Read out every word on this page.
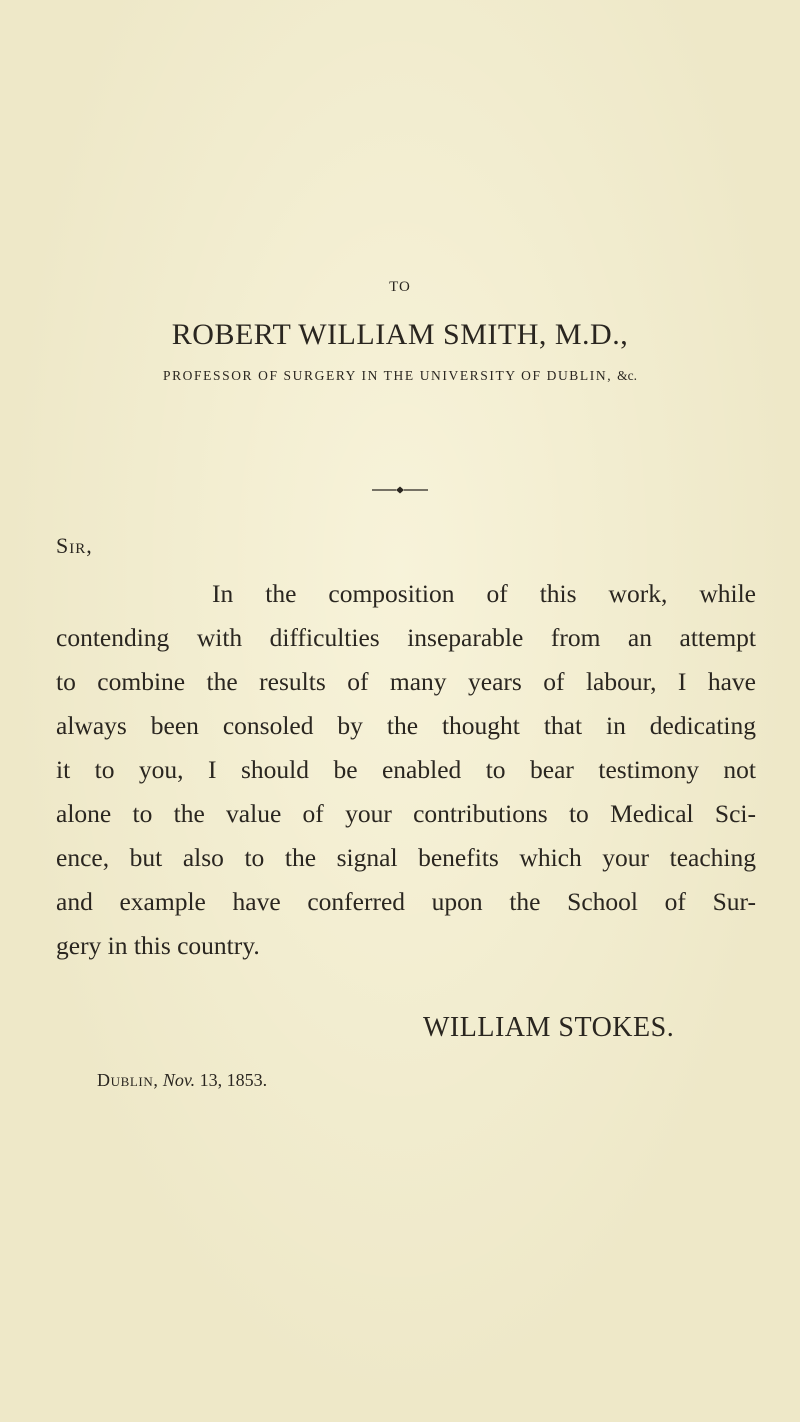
TO
ROBERT WILLIAM SMITH, M.D.,
PROFESSOR OF SURGERY IN THE UNIVERSITY OF DUBLIN, &c.
Sir,
In the composition of this work, while
contending with difficulties inseparable from an attempt
to combine the results of many years of labour, I have
always been consoled by the thought that in dedicating
it to you, I should be enabled to bear testimony not
alone to the value of your contributions to Medical Sci-
ence, but also to the signal benefits which your teaching
and example have conferred upon the School of Sur-
gery in this country.
WILLIAM STOKES.
Dublin, Nov. 13, 1853.
